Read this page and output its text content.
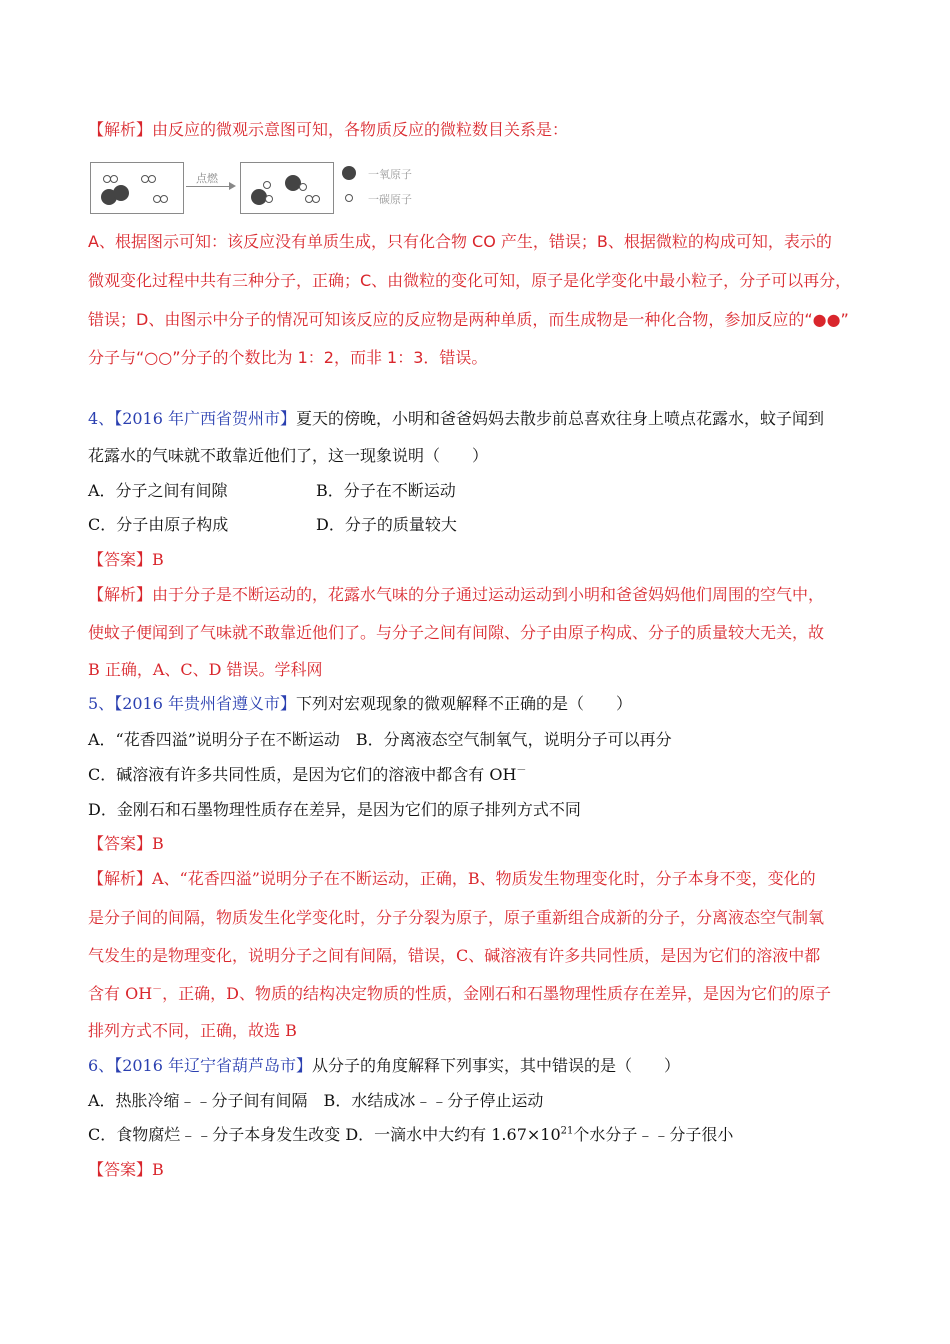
【解析】由反应的微观示意图可知，各物质反应的微粒数目关系是：
点燃	一氧原子
一碳原子
A、根据图示可知：该反应没有单质生成，只有化合物 CO 产生，错误；B、根据微粒的构成可知，表示的
微观变化过程中共有三种分子，正确；C、由微粒的变化可知，原子是化学变化中最小粒子，分子可以再分，
错误；D、由图示中分子的情况可知该反应的反应物是两种单质，而生成物是一种化合物，参加反应的“●●”
分子与“○○”分子的个数比为 1：2，而非 1：3．错误。
4、【2016 年广西省贺州市】夏天的傍晚，小明和爸爸妈妈去散步前总喜欢往身上喷点花露水，蚊子闻到
花露水的气味就不敢靠近他们了，这一现象说明（　　）
A．分子之间有间隙	B．分子在不断运动
C．分子由原子构成	D．分子的质量较大
【答案】B
【解析】由于分子是不断运动的，花露水气味的分子通过运动运动到小明和爸爸妈妈他们周围的空气中，
使蚊子便闻到了气味就不敢靠近他们了。与分子之间有间隙、分子由原子构成、分子的质量较大无关，故
B 正确，A、C、D 错误。学科网
5、【2016 年贵州省遵义市】下列对宏观现象的微观解释不正确的是（　　）
A．“花香四溢”说明分子在不断运动　B．分离液态空气制氧气，说明分子可以再分
C．碱溶液有许多共同性质，是因为它们的溶液中都含有 OH－
D．金刚石和石墨物理性质存在差异，是因为它们的原子排列方式不同
【答案】B
【解析】A、“花香四溢”说明分子在不断运动，正确，B、物质发生物理变化时，分子本身不变，变化的
是分子间的间隔，物质发生化学变化时，分子分裂为原子，原子重新组合成新的分子，分离液态空气制氧
气发生的是物理变化，说明分子之间有间隔，错误，C、碱溶液有许多共同性质，是因为它们的溶液中都
含有 OH－，正确，D、物质的结构决定物质的性质，金刚石和石墨物理性质存在差异，是因为它们的原子
排列方式不同，正确，故选 B
6、【2016 年辽宁省葫芦岛市】从分子的角度解释下列事实，其中错误的是（　　）
A．热胀冷缩﹣﹣分子间有间隔　B．水结成冰﹣﹣分子停止运动
C．食物腐烂﹣﹣分子本身发生改变 D．一滴水中大约有 $1.67\times 10^{21}$个水分子﹣﹣分子很小
【答案】B
